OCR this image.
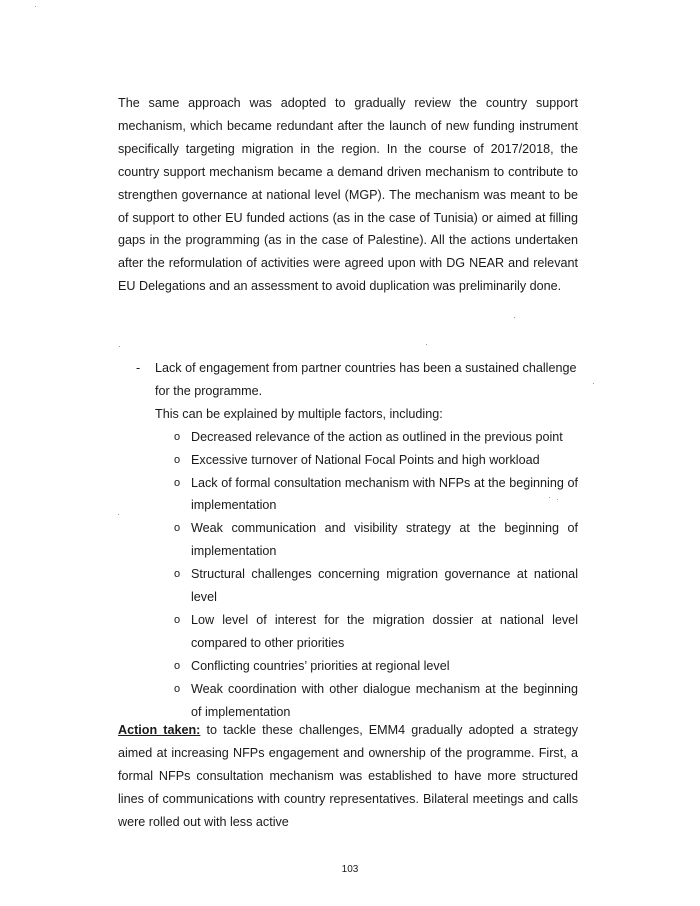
The same approach was adopted to gradually review the country support mechanism, which became redundant after the launch of new funding instrument specifically targeting migration in the region. In the course of 2017/2018, the country support mechanism became a demand driven mechanism to contribute to strengthen governance at national level (MGP). The mechanism was meant to be of support to other EU funded actions (as in the case of Tunisia) or aimed at filling gaps in the programming (as in the case of Palestine). All the actions undertaken after the reformulation of activities were agreed upon with DG NEAR and relevant EU Delegations and an assessment to avoid duplication was preliminarily done.

- Lack of engagement from partner countries has been a sustained challenge for the programme.
This can be explained by multiple factors, including:
o Decreased relevance of the action as outlined in the previous point
o Excessive turnover of National Focal Points and high workload
o Lack of formal consultation mechanism with NFPs at the beginning of implementation
o Weak communication and visibility strategy at the beginning of implementation
o Structural challenges concerning migration governance at national level
o Low level of interest for the migration dossier at national level compared to other priorities
o Conflicting countries’ priorities at regional level
o Weak coordination with other dialogue mechanism at the beginning of implementation

Action taken: to tackle these challenges, EMM4 gradually adopted a strategy aimed at increasing NFPs engagement and ownership of the programme. First, a formal NFPs consultation mechanism was established to have more structured lines of communications with country representatives. Bilateral meetings and calls were rolled out with less active

103
